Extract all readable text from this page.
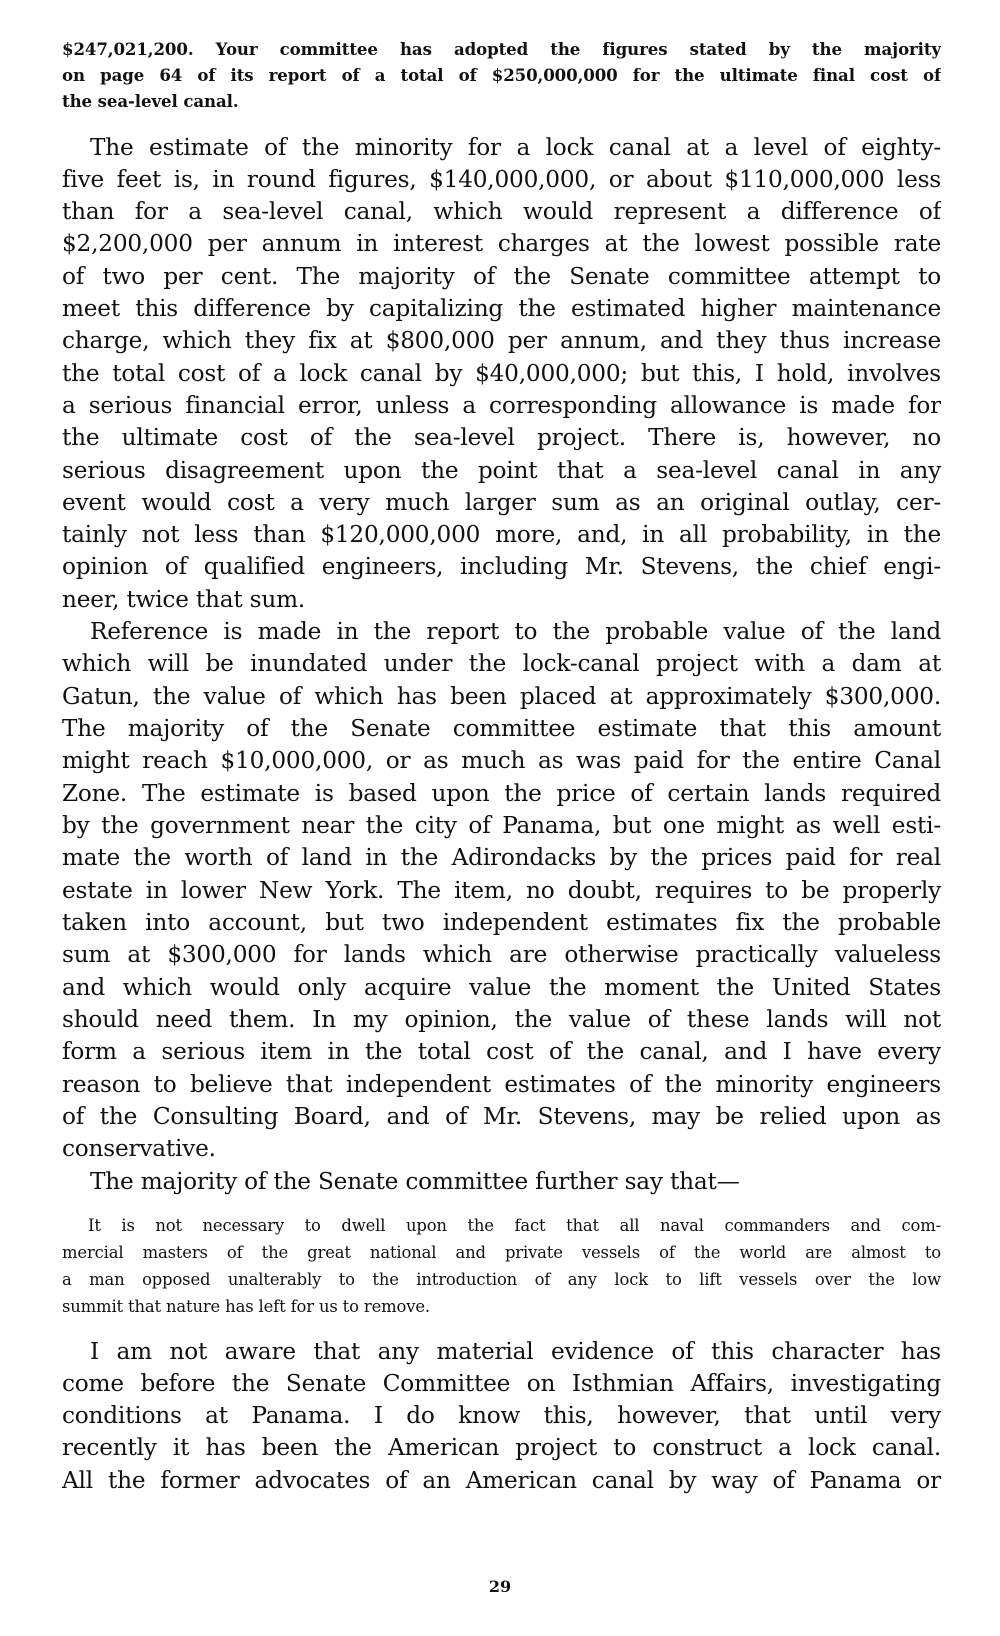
$247,021,200. Your committee has adopted the figures stated by the majority
on page 64 of its report of a total of $250,000,000 for the ultimate final cost of
the sea-level canal.
The estimate of the minority for a lock canal at a level of eighty-
five feet is, in round figures, $140,000,000, or about $110,000,000 less
than for a sea-level canal, which would represent a difference of
$2,200,000 per annum in interest charges at the lowest possible rate
of two per cent. The majority of the Senate committee attempt to
meet this difference by capitalizing the estimated higher maintenance
charge, which they fix at $800,000 per annum, and they thus increase
the total cost of a lock canal by $40,000,000; but this, I hold, involves
a serious financial error, unless a corresponding allowance is made for
the ultimate cost of the sea-level project. There is, however, no
serious disagreement upon the point that a sea-level canal in any
event would cost a very much larger sum as an original outlay, cer-
tainly not less than $120,000,000 more, and, in all probability, in the
opinion of qualified engineers, including Mr. Stevens, the chief engi-
neer, twice that sum.
Reference is made in the report to the probable value of the land
which will be inundated under the lock-canal project with a dam at
Gatun, the value of which has been placed at approximately $300,000.
The majority of the Senate committee estimate that this amount
might reach $10,000,000, or as much as was paid for the entire Canal
Zone. The estimate is based upon the price of certain lands required
by the government near the city of Panama, but one might as well esti-
mate the worth of land in the Adirondacks by the prices paid for real
estate in lower New York. The item, no doubt, requires to be properly
taken into account, but two independent estimates fix the probable
sum at $300,000 for lands which are otherwise practically valueless
and which would only acquire value the moment the United States
should need them. In my opinion, the value of these lands will not
form a serious item in the total cost of the canal, and I have every
reason to believe that independent estimates of the minority engineers
of the Consulting Board, and of Mr. Stevens, may be relied upon as
conservative.
The majority of the Senate committee further say that—
It is not necessary to dwell upon the fact that all naval commanders and com-
mercial masters of the great national and private vessels of the world are almost to
a man opposed unalterably to the introduction of any lock to lift vessels over the low
summit that nature has left for us to remove.
I am not aware that any material evidence of this character has
come before the Senate Committee on Isthmian Affairs, investigating
conditions at Panama. I do know this, however, that until very
recently it has been the American project to construct a lock canal.
All the former advocates of an American canal by way of Panama or
29
